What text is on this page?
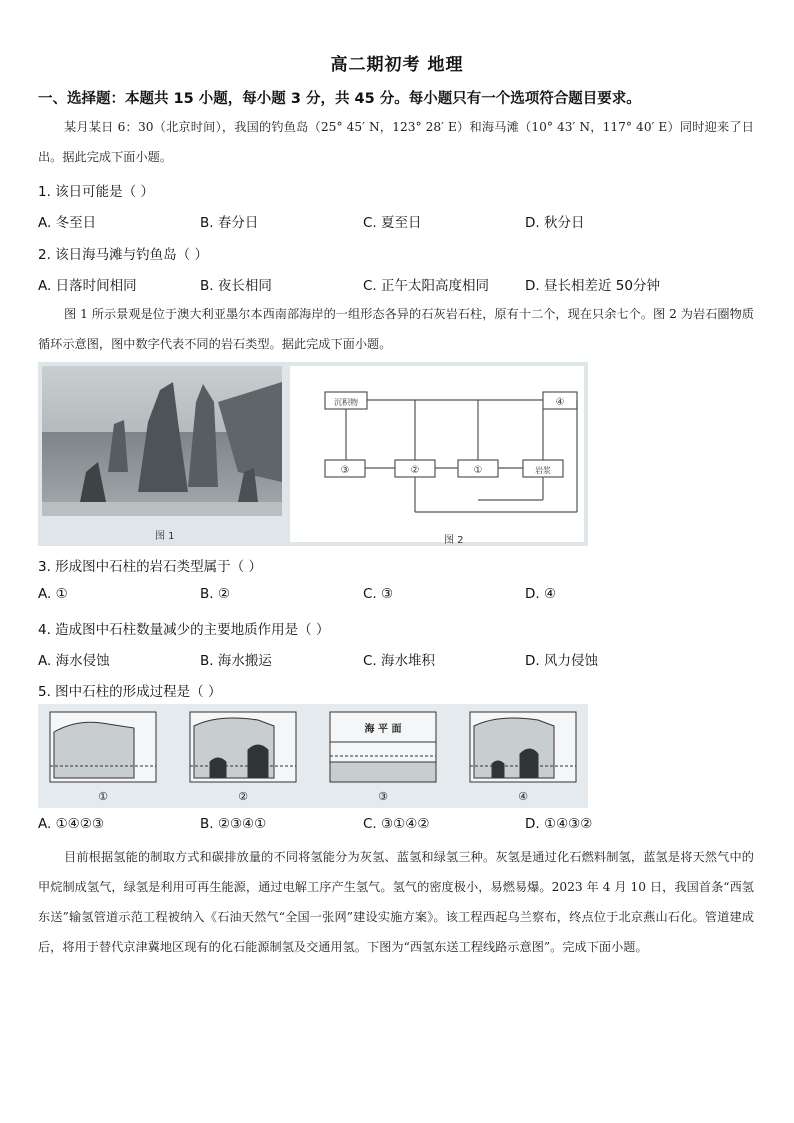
高二期初考 地理
一、选择题：本题共 15 小题，每小题 3 分，共 45 分。每小题只有一个选项符合题目要求。
某月某日 6：30（北京时间），我国的钓鱼岛（25° 45′ N，123° 28′ E）和海马滩（10° 43′ N，117° 40′ E）同时迎来了日出。据此完成下面小题。
1. 该日可能是（ ）
A. 冬至日	B. 春分日	C. 夏至日	D. 秋分日
2. 该日海马滩与钓鱼岛（ ）
A. 日落时间相同	B. 夜长相同	C. 正午太阳高度相同	D. 昼长相差近 50分钟
图 1 所示景观是位于澳大利亚墨尔本西南部海岸的一组形态各异的石灰岩石柱，原有十二个，现在只余七个。图 2 为岩石圈物质循环示意图，图中数字代表不同的岩石类型。据此完成下面小题。
沉积物	④
③	②	①	岩浆
图 1	图 2
3. 形成图中石柱的岩石类型属于（ ）
A. ①	B. ②	C. ③	D. ④
4. 造成图中石柱数量减少的主要地质作用是（ ）
A. 海水侵蚀	B. 海水搬运	C. 海水堆积	D. 风力侵蚀
5. 图中石柱的形成过程是（ ）
海 平 面
①	②	③	④
A. ①④②③	B. ②③④①	C. ③①④②	D. ①④③②
目前根据氢能的制取方式和碳排放量的不同将氢能分为灰氢、蓝氢和绿氢三种。灰氢是通过化石燃料制氢，蓝氢是将天然气中的甲烷制成氢气，绿氢是利用可再生能源，通过电解工序产生氢气。氢气的密度极小，易燃易爆。2023 年 4 月 10 日，我国首条“西氢东送”输氢管道示范工程被纳入《石油天然气“全国一张网”建设实施方案》。该工程西起乌兰察布，终点位于北京燕山石化。管道建成后，将用于替代京津冀地区现有的化石能源制氢及交通用氢。下图为“西氢东送工程线路示意图”。完成下面小题。
